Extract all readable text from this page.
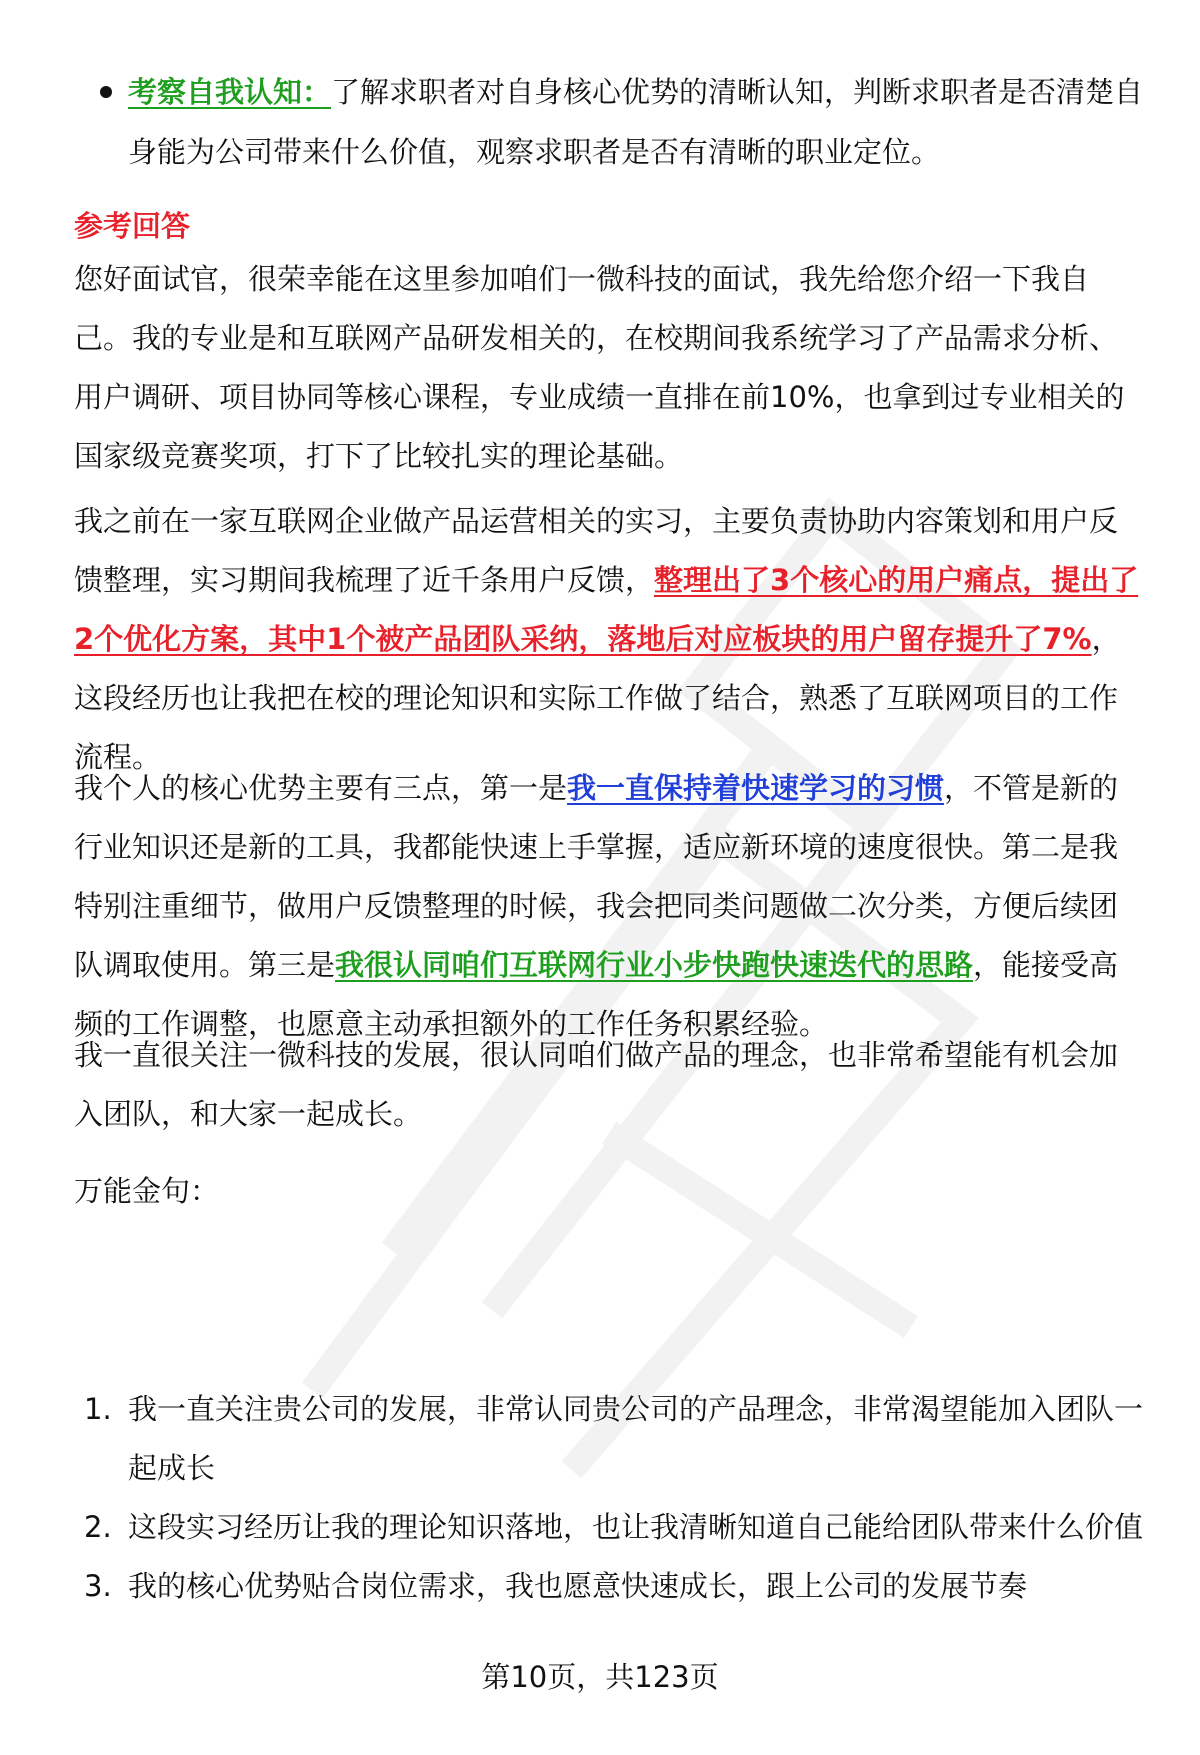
考察自我认知：了解求职者对自身核心优势的清晰认知，判断求职者是否清楚自身能为公司带来什么价值，观察求职者是否有清晰的职业定位。
参考回答

您好面试官，很荣幸能在这里参加咱们一微科技的面试，我先给您介绍一下我自己。我的专业是和互联网产品研发相关的，在校期间我系统学习了产品需求分析、用户调研、项目协同等核心课程，专业成绩一直排在前10%，也拿到过专业相关的国家级竞赛奖项，打下了比较扎实的理论基础。

我之前在一家互联网企业做产品运营相关的实习，主要负责协助内容策划和用户反馈整理，实习期间我梳理了近千条用户反馈，整理出了3个核心的用户痛点，提出了2个优化方案，其中1个被产品团队采纳，落地后对应板块的用户留存提升了7%，这段经历也让我把在校的理论知识和实际工作做了结合，熟悉了互联网项目的工作流程。

我个人的核心优势主要有三点，第一是我一直保持着快速学习的习惯，不管是新的行业知识还是新的工具，我都能快速上手掌握，适应新环境的速度很快。第二是我特别注重细节，做用户反馈整理的时候，我会把同类问题做二次分类，方便后续团队调取使用。第三是我很认同咱们互联网行业小步快跑快速迭代的思路，能接受高频的工作调整，也愿意主动承担额外的工作任务积累经验。

我一直很关注一微科技的发展，很认同咱们做产品的理念，也非常希望能有机会加入团队，和大家一起成长。

万能金句：

1. 我一直关注贵公司的发展，非常认同贵公司的产品理念，非常渴望能加入团队一起成长
2. 这段实习经历让我的理论知识落地，也让我清晰知道自己能给团队带来什么价值
3. 我的核心优势贴合岗位需求，我也愿意快速成长，跟上公司的发展节奏
第10页，共123页
